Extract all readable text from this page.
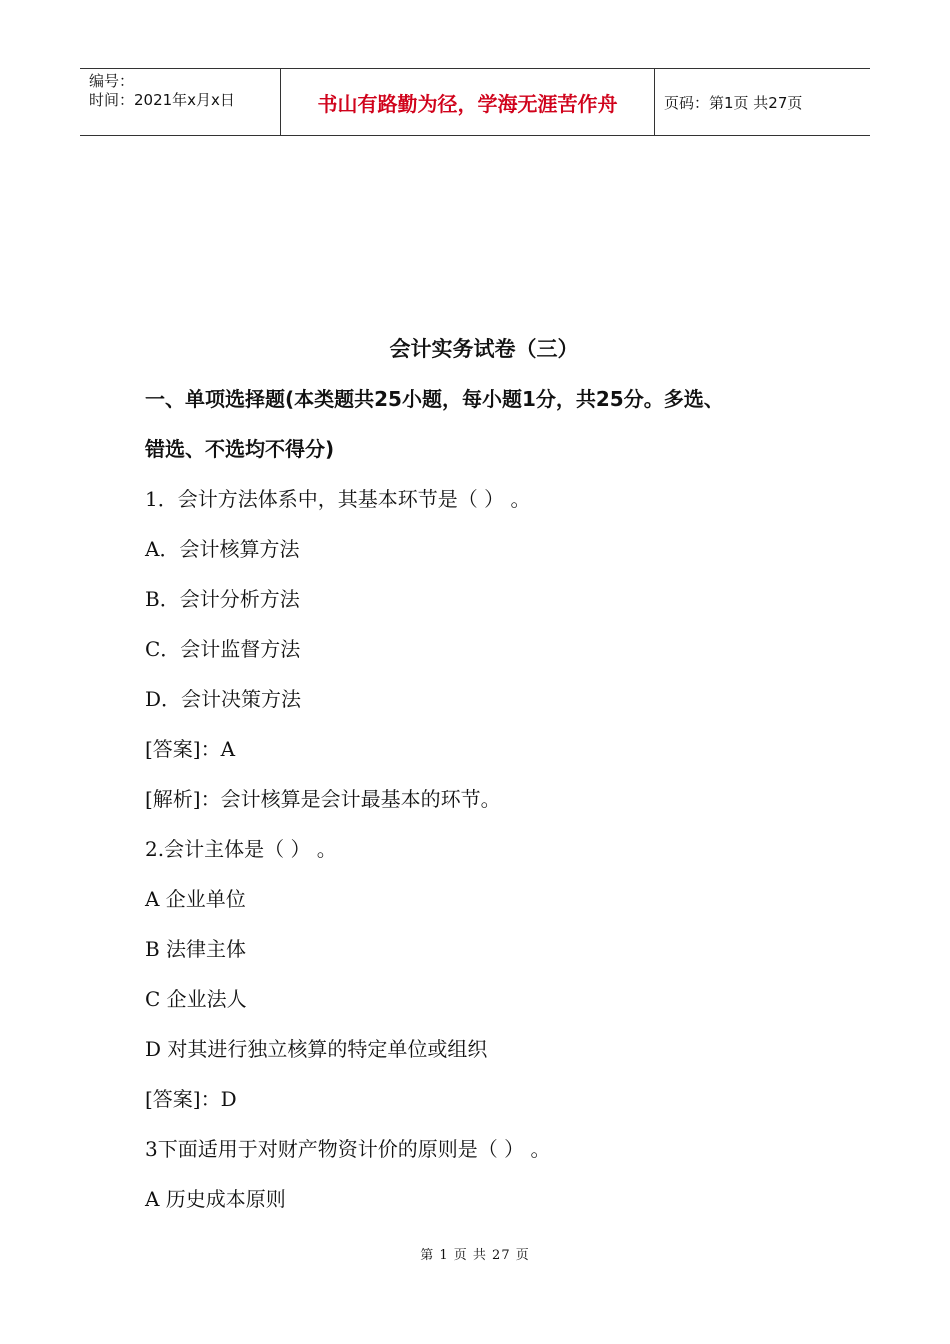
编号：
时间：2021年x月x日	书山有路勤为径，学海无涯苦作舟	页码：第1页 共27页
会计实务试卷（三）
一、单项选择题(本类题共25小题，每小题1分，共25分。多选、
错选、不选均不得分)
1．会计方法体系中，其基本环节是（ ） 。
A．会计核算方法
B．会计分析方法
C．会计监督方法
D．会计决策方法
[答案]：A
[解析]：会计核算是会计最基本的环节。
2.会计主体是（ ） 。
A 企业单位
B 法律主体
C 企业法人
D 对其进行独立核算的特定单位或组织
[答案]：D
3下面适用于对财产物资计价的原则是（ ） 。
A 历史成本原则
第 1 页 共 27 页
